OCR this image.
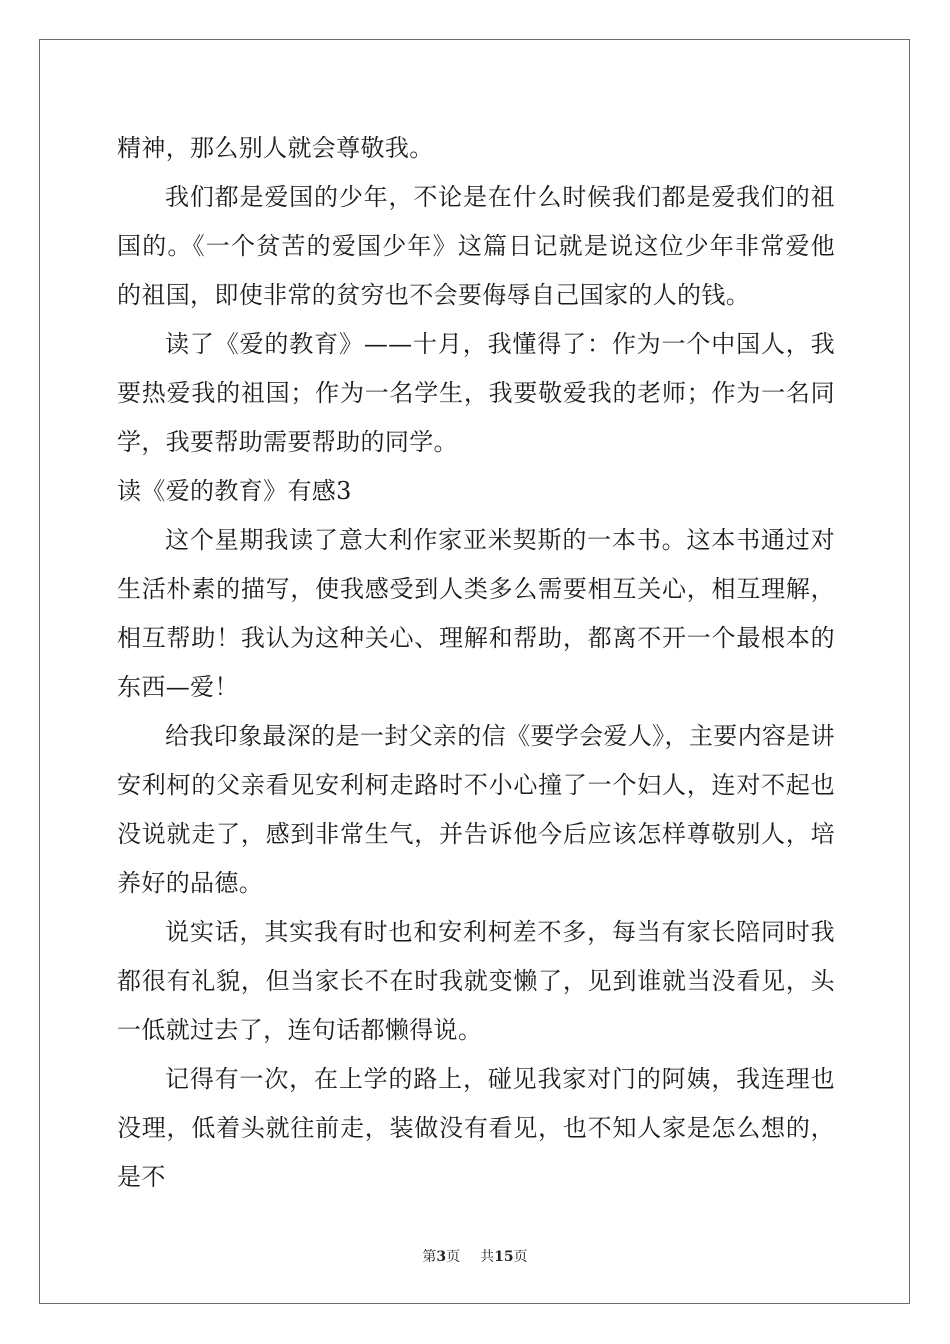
精神，那么别人就会尊敬我。

我们都是爱国的少年，不论是在什么时候我们都是爱我们的祖国的。《一个贫苦的爱国少年》这篇日记就是说这位少年非常爱他的祖国，即使非常的贫穷也不会要侮辱自己国家的人的钱。

读了《爱的教育》——十月，我懂得了：作为一个中国人，我要热爱我的祖国；作为一名学生，我要敬爱我的老师；作为一名同学，我要帮助需要帮助的同学。

读《爱的教育》有感3

这个星期我读了意大利作家亚米契斯的一本书。这本书通过对生活朴素的描写，使我感受到人类多么需要相互关心，相互理解，相互帮助！我认为这种关心、理解和帮助，都离不开一个最根本的东西—爱！

给我印象最深的是一封父亲的信《要学会爱人》，主要内容是讲安利柯的父亲看见安利柯走路时不小心撞了一个妇人，连对不起也没说就走了，感到非常生气，并告诉他今后应该怎样尊敬别人，培养好的品德。

说实话，其实我有时也和安利柯差不多，每当有家长陪同时我都很有礼貌，但当家长不在时我就变懒了，见到谁就当没看见，头一低就过去了，连句话都懒得说。

记得有一次，在上学的路上，碰见我家对门的阿姨，我连理也没理，低着头就往前走，装做没有看见，也不知人家是怎么想的，是不

第3页 共15页
